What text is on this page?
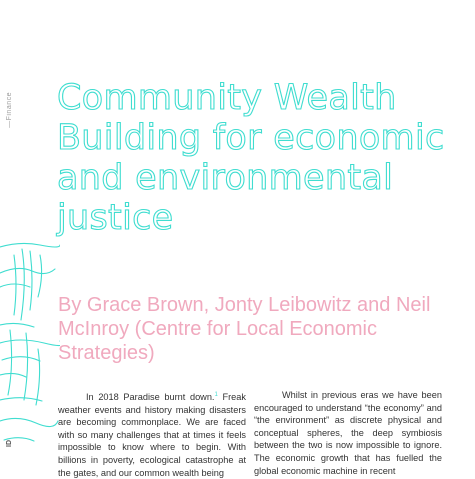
—Finance
ID
Community Wealth Building for economic and environmental justice

By Grace Brown, Jonty Leibowitz and Neil McInroy (Centre for Local Economic Strategies)

In 2018 Paradise burnt down.$^1$ Freak weather events and history making disasters are becoming commonplace. We are faced with so many challenges that at times it feels impossible to know where to begin. With billions in poverty, ecological catastrophe at the gates, and our common wealth being

Whilst in previous eras we have been encouraged to understand “the economy” and “the environment” as discrete physical and conceptual spheres, the deep symbiosis between the two is now impossible to ignore. The economic growth that has fuelled the global economic machine in recent
